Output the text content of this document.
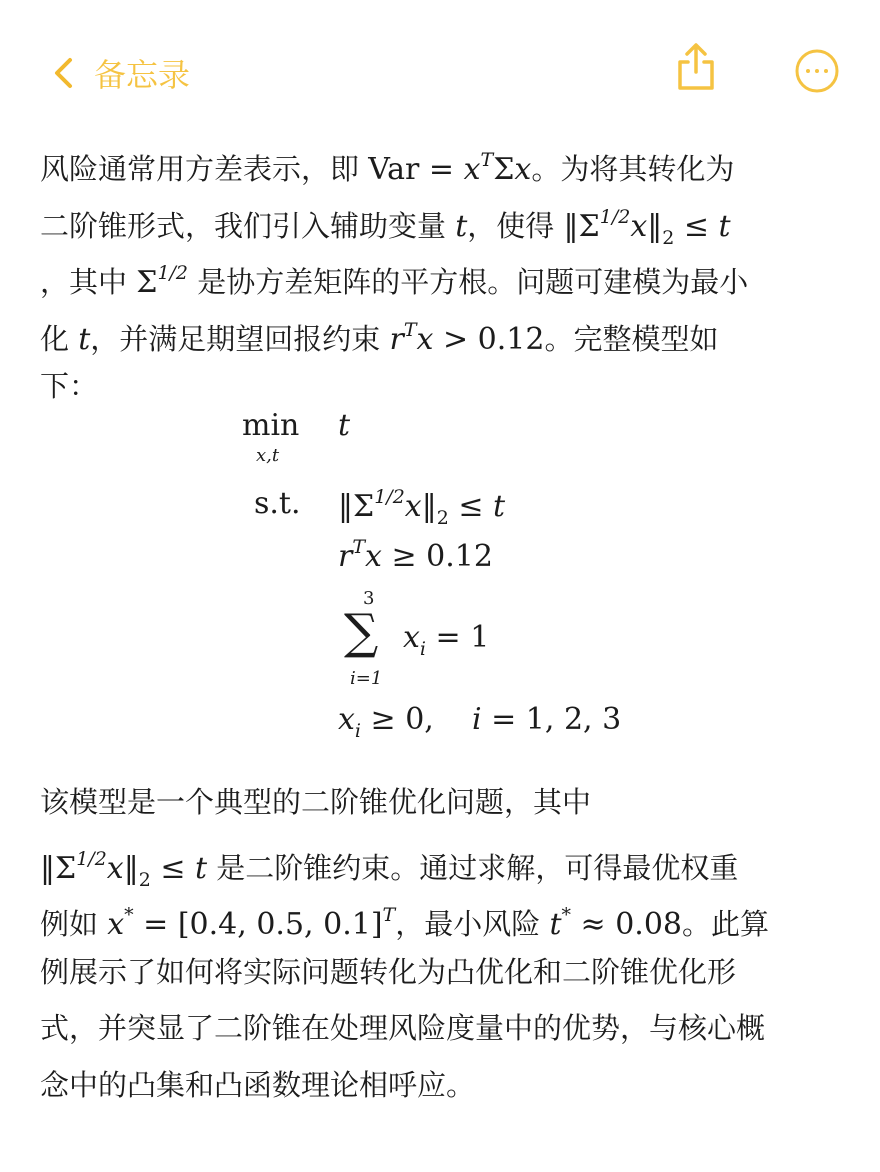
备忘录
风险通常用方差表示，即 Var = $x^T\Sigma x$。为将其转化为
二阶锥形式，我们引入辅助变量 t，使得 $‖\Sigma^{1/2}x‖_2 \le t$
，其中 $\Sigma^{1/2}$ 是协方差矩阵的平方根。问题可建模为最小
化 t，并满足期望回报约束 $r^Tx > 0.12$。完整模型如
下：
min
x,t
t
s.t. $‖\Sigma^{1/2}x‖_2 \le t$
$r^Tx \ge 0.12$
3
∑
i=1
$x_i = 1$
$x_i \ge 0$,    i = 1, 2, 3
该模型是一个典型的二阶锥优化问题，其中
$‖\Sigma^{1/2}x‖_2 \le t$ 是二阶锥约束。通过求解，可得最优权重
例如 x* = [0.4, 0.5, 0.1]$^T$，最小风险 t* ≈ 0.08。此算
例展示了如何将实际问题转化为凸优化和二阶锥优化形
式，并突显了二阶锥在处理风险度量中的优势，与核心概
念中的凸集和凸函数理论相呼应。
